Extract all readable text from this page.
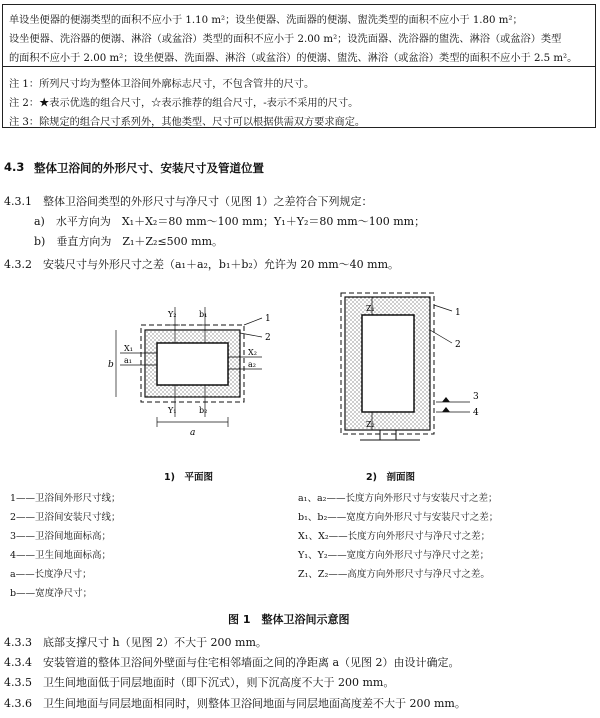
单设坐便器的便溺类型的面积不应小于 1.10 m²；设坐便器、洗面器的便溺、盥洗类型的面积不应小于 1.80 m²；
设坐便器、洗浴器的便溺、淋浴（或盆浴）类型的面积不应小于 2.00 m²；设洗面器、洗浴器的盥洗、淋浴（或盆浴）类型
的面积不应小于 2.00 m²；设坐便器、洗面器、淋浴（或盆浴）的便溺、盥洗、淋浴（或盆浴）类型的面积不应小于 2.5 m²。
注 1：所列尺寸均为整体卫浴间外廓标志尺寸，不包含管井的尺寸。
注 2：★表示优选的组合尺寸，☆表示推荐的组合尺寸，-表示不采用的尺寸。
注 3：除规定的组合尺寸系列外，其他类型、尺寸可以根据供需双方要求商定。
4.3 整体卫浴间的外形尺寸、安装尺寸及管道位置
4.3.1　整体卫浴间类型的外形尺寸与净尺寸（见图 1）之差符合下列规定：
a)　水平方向为　X₁＋X₂＝80 mm～100 mm；Y₁＋Y₂＝80 mm～100 mm；
b)　垂直方向为　Z₁＋Z₂≤500 mm。
4.3.2　安装尺寸与外形尺寸之差（a₁＋a₂，b₁＋b₂）允许为 20 mm～40 mm。
1
2
Y₂	b₁
X₁
a₁
b
X₂
a₂
Y₁	b₂
a
Z₁
Z₂
1
2
3
4
1)　平面图	2)　剖面图
1——卫浴间外形尺寸线；
2——卫浴间安装尺寸线；
3——卫浴间地面标高；
4——卫生间地面标高；
a——长度净尺寸；
b——宽度净尺寸；
a₁、a₂——长度方向外形尺寸与安装尺寸之差；
b₁、b₂——宽度方向外形尺寸与安装尺寸之差；
X₁、X₂——长度方向外形尺寸与净尺寸之差；
Y₁、Y₂——宽度方向外形尺寸与净尺寸之差；
Z₁、Z₂——高度方向外形尺寸与净尺寸之差。
图 1　整体卫浴间示意图
4.3.3　底部支撑尺寸 h（见图 2）不大于 200 mm。
4.3.4　安装管道的整体卫浴间外壁面与住宅相邻墙面之间的净距离 a（见图 2）由设计确定。
4.3.5　卫生间地面低于同层地面时（即下沉式），则下沉高度不大于 200 mm。
4.3.6　卫生间地面与同层地面相同时，则整体卫浴间地面与同层地面高度差不大于 200 mm。
